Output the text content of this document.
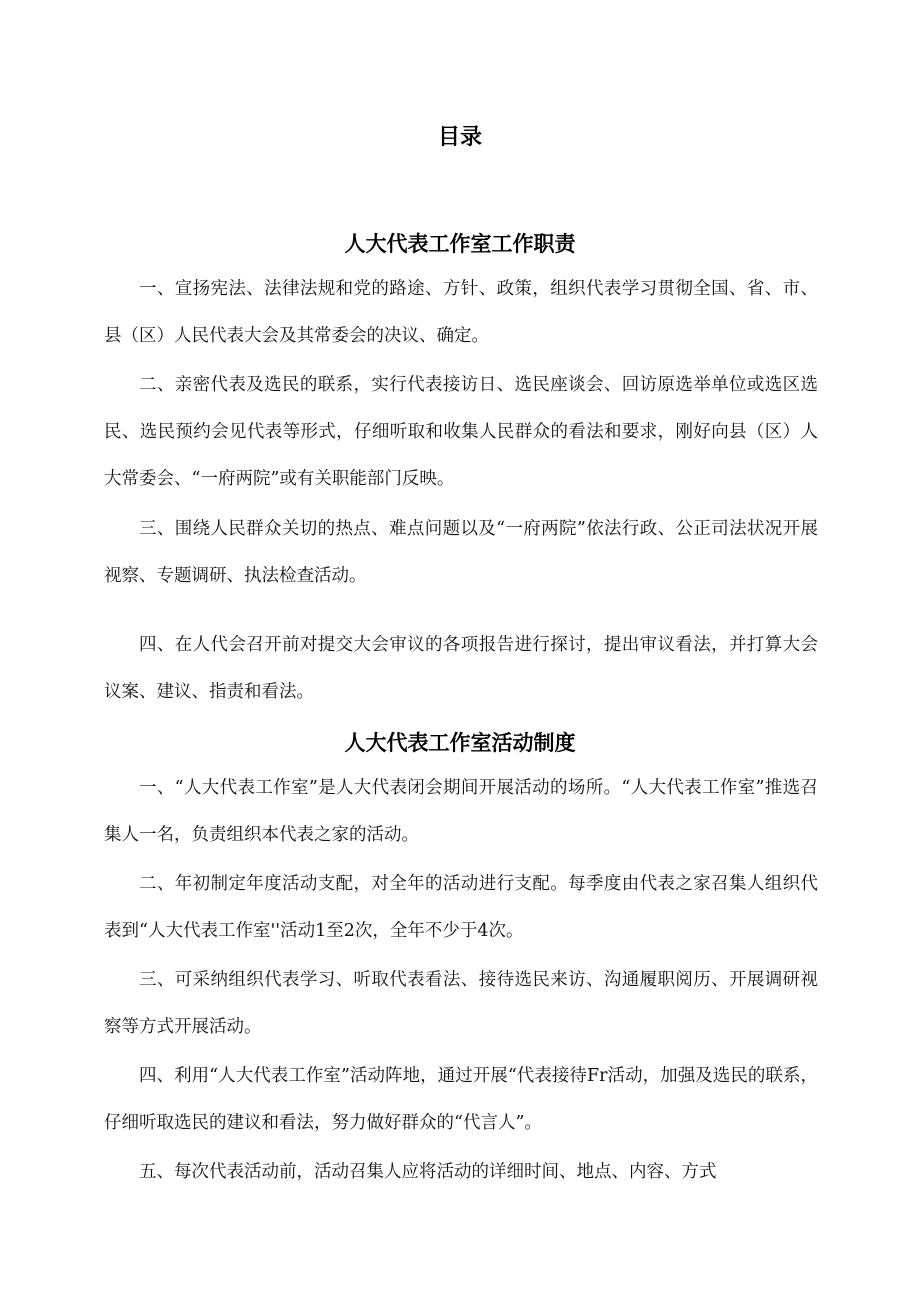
目录
人大代表工作室工作职责

一、宣扬宪法、法律法规和党的路途、方针、政策，组织代表学习贯彻全国、省、市、县（区）人民代表大会及其常委会的决议、确定。

二、亲密代表及选民的联系，实行代表接访日、选民座谈会、回访原选举单位或选区选民、选民预约会见代表等形式，仔细听取和收集人民群众的看法和要求，刚好向县（区）人大常委会、“一府两院”或有关职能部门反映。

三、围绕人民群众关切的热点、难点问题以及“一府两院”依法行政、公正司法状况开展视察、专题调研、执法检查活动。

四、在人代会召开前对提交大会审议的各项报告进行探讨，提出审议看法，并打算大会议案、建议、指责和看法。

人大代表工作室活动制度

一、“人大代表工作室”是人大代表闭会期间开展活动的场所。“人大代表工作室”推选召集人一名，负责组织本代表之家的活动。

二、年初制定年度活动支配，对全年的活动进行支配。每季度由代表之家召集人组织代表到“人大代表工作室''活动1至2次，全年不少于4次。

三、可采纳组织代表学习、听取代表看法、接待选民来访、沟通履职阅历、开展调研视察等方式开展活动。

四、利用“人大代表工作室”活动阵地，通过开展“代表接待Fr活动，加强及选民的联系，仔细听取选民的建议和看法，努力做好群众的“代言人”。

五、每次代表活动前，活动召集人应将活动的详细时间、地点、内容、方式
